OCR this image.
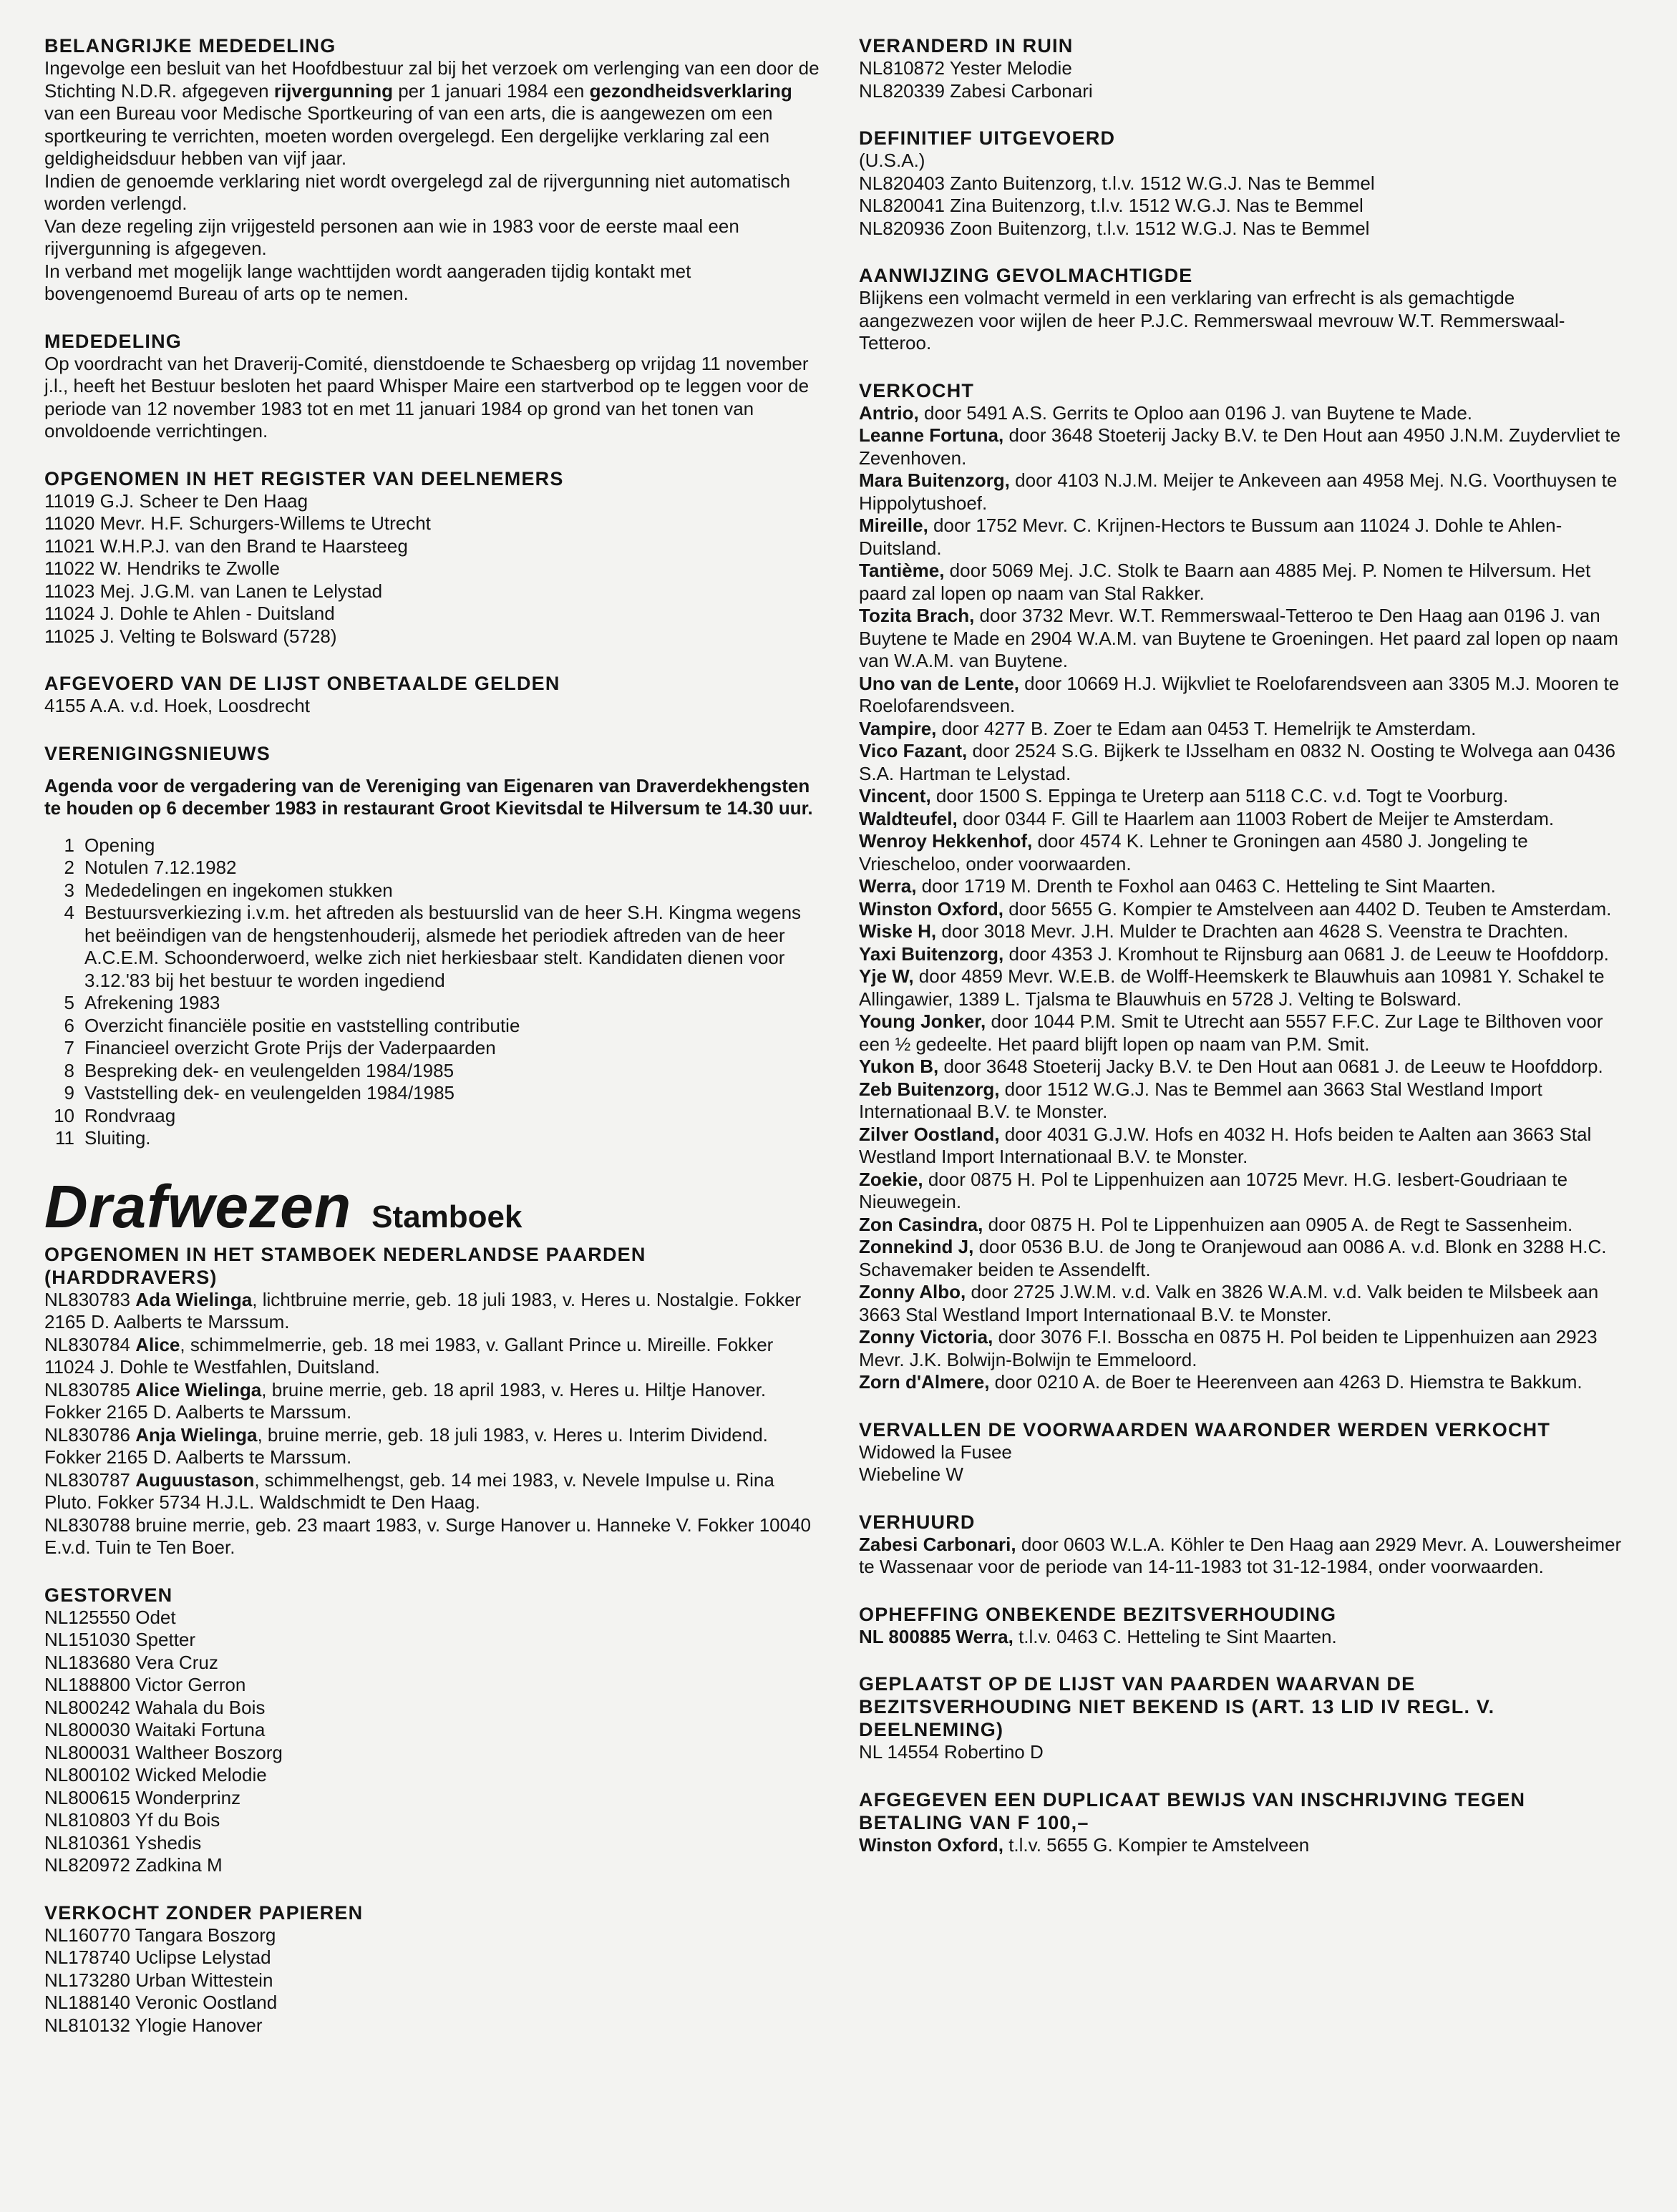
BELANGRIJKE MEDEDELING
Ingevolge een besluit van het Hoofdbestuur zal bij het verzoek om verlenging van een door de Stichting N.D.R. afgegeven rijvergunning per 1 januari 1984 een gezondheidsverklaring van een Bureau voor Medische Sportkeuring of van een arts, die is aangewezen om een sportkeuring te verrichten, moeten worden overgelegd. Een dergelijke verklaring zal een geldigheidsduur hebben van vijf jaar.
Indien de genoemde verklaring niet wordt overgelegd zal de rijvergunning niet automatisch worden verlengd.
Van deze regeling zijn vrijgesteld personen aan wie in 1983 voor de eerste maal een rijvergunning is afgegeven.
In verband met mogelijk lange wachttijden wordt aangeraden tijdig kontakt met bovengenoemd Bureau of arts op te nemen.
MEDEDELING
Op voordracht van het Draverij-Comité, dienstdoende te Schaesberg op vrijdag 11 november j.l., heeft het Bestuur besloten het paard Whisper Maire een startverbod op te leggen voor de periode van 12 november 1983 tot en met 11 januari 1984 op grond van het tonen van onvoldoende verrichtingen.
OPGENOMEN IN HET REGISTER VAN DEELNEMERS
11019 G.J. Scheer te Den Haag
11020 Mevr. H.F. Schurgers-Willems te Utrecht
11021 W.H.P.J. van den Brand te Haarsteeg
11022 W. Hendriks te Zwolle
11023 Mej. J.G.M. van Lanen te Lelystad
11024 J. Dohle te Ahlen - Duitsland
11025 J. Velting te Bolsward (5728)
AFGEVOERD VAN DE LIJST ONBETAALDE GELDEN
4155 A.A. v.d. Hoek, Loosdrecht
VERENIGINGSNIEUWS
Agenda voor de vergadering van de Vereniging van Eigenaren van Draverdekhengsten te houden op 6 december 1983 in restaurant Groot Kievitsdal te Hilversum te 14.30 uur.
1 Opening
2 Notulen 7.12.1982
3 Mededelingen en ingekomen stukken
4 Bestuursverkiezing i.v.m. het aftreden als bestuurslid van de heer S.H. Kingma wegens het beëindigen van de hengstenhouderij, alsmede het periodiek aftreden van de heer A.C.E.M. Schoonderwoerd, welke zich niet herkiesbaar stelt. Kandidaten dienen voor 3.12.'83 bij het bestuur te worden ingediend
5 Afrekening 1983
6 Overzicht financiële positie en vaststelling contributie
7 Financieel overzicht Grote Prijs der Vaderpaarden
8 Bespreking dek- en veulengelden 1984/1985
9 Vaststelling dek- en veulengelden 1984/1985
10 Rondvraag
11 Sluiting.
Drafwezen Stamboek
OPGENOMEN IN HET STAMBOEK NEDERLANDSE PAARDEN (HARDDRAVERS)
NL830783 Ada Wielinga, lichtbruine merrie, geb. 18 juli 1983, v. Heres u. Nostalgie. Fokker 2165 D. Aalberts te Marssum.
NL830784 Alice, schimmelmerrie, geb. 18 mei 1983, v. Gallant Prince u. Mireille. Fokker 11024 J. Dohle te Westfahlen, Duitsland.
NL830785 Alice Wielinga, bruine merrie, geb. 18 april 1983, v. Heres u. Hiltje Hanover. Fokker 2165 D. Aalberts te Marssum.
NL830786 Anja Wielinga, bruine merrie, geb. 18 juli 1983, v. Heres u. Interim Dividend. Fokker 2165 D. Aalberts te Marssum.
NL830787 Auguustason, schimmelhengst, geb. 14 mei 1983, v. Nevele Impulse u. Rina Pluto. Fokker 5734 H.J.L. Waldschmidt te Den Haag.
NL830788 bruine merrie, geb. 23 maart 1983, v. Surge Hanover u. Hanneke V. Fokker 10040 E.v.d. Tuin te Ten Boer.
GESTORVEN
NL125550 Odet
NL151030 Spetter
NL183680 Vera Cruz
NL188800 Victor Gerron
NL800242 Wahala du Bois
NL800030 Waitaki Fortuna
NL800031 Waltheer Boszorg
NL800102 Wicked Melodie
NL800615 Wonderprinz
NL810803 Yf du Bois
NL810361 Yshedis
NL820972 Zadkina M
VERKOCHT ZONDER PAPIEREN
NL160770 Tangara Boszorg
NL178740 Uclipse Lelystad
NL173280 Urban Wittestein
NL188140 Veronic Oostland
NL810132 Ylogie Hanover
VERANDERD IN RUIN
NL810872 Yester Melodie
NL820339 Zabesi Carbonari
DEFINITIEF UITGEVOERD
(U.S.A.)
NL820403 Zanto Buitenzorg, t.l.v. 1512 W.G.J. Nas te Bemmel
NL820041 Zina Buitenzorg, t.l.v. 1512 W.G.J. Nas te Bemmel
NL820936 Zoon Buitenzorg, t.l.v. 1512 W.G.J. Nas te Bemmel
AANWIJZING GEVOLMACHTIGDE
Blijkens een volmacht vermeld in een verklaring van erfrecht is als gemachtigde aangezwezen voor wijlen de heer P.J.C. Remmerswaal mevrouw W.T. Remmerswaal-Tetteroo.
VERKOCHT
Antrio, door 5491 A.S. Gerrits te Oploo aan 0196 J. van Buytene te Made.
Leanne Fortuna, door 3648 Stoeterij Jacky B.V. te Den Hout aan 4950 J.N.M. Zuydervliet te Zevenhoven.
Mara Buitenzorg, door 4103 N.J.M. Meijer te Ankeveen aan 4958 Mej. N.G. Voorthuysen te Hippolytushoef.
Mireille, door 1752 Mevr. C. Krijnen-Hectors te Bussum aan 11024 J. Dohle te Ahlen-Duitsland.
Tantième, door 5069 Mej. J.C. Stolk te Baarn aan 4885 Mej. P. Nomen te Hilversum. Het paard zal lopen op naam van Stal Rakker.
Tozita Brach, door 3732 Mevr. W.T. Remmerswaal-Tetteroo te Den Haag aan 0196 J. van Buytene te Made en 2904 W.A.M. van Buytene te Groeningen. Het paard zal lopen op naam van W.A.M. van Buytene.
Uno van de Lente, door 10669 H.J. Wijkvliet te Roelofarendsveen aan 3305 M.J. Mooren te Roelofarendsveen.
Vampire, door 4277 B. Zoer te Edam aan 0453 T. Hemelrijk te Amsterdam.
Vico Fazant, door 2524 S.G. Bijkerk te IJsselham en 0832 N. Oosting te Wolvega aan 0436 S.A. Hartman te Lelystad.
Vincent, door 1500 S. Eppinga te Ureterp aan 5118 C.C. v.d. Togt te Voorburg.
Waldteufel, door 0344 F. Gill te Haarlem aan 11003 Robert de Meijer te Amsterdam.
Wenroy Hekkenhof, door 4574 K. Lehner te Groningen aan 4580 J. Jongeling te Vriescheloo, onder voorwaarden.
Werra, door 1719 M. Drenth te Foxhol aan 0463 C. Hetteling te Sint Maarten.
Winston Oxford, door 5655 G. Kompier te Amstelveen aan 4402 D. Teuben te Amsterdam.
Wiske H, door 3018 Mevr. J.H. Mulder te Drachten aan 4628 S. Veenstra te Drachten.
Yaxi Buitenzorg, door 4353 J. Kromhout te Rijnsburg aan 0681 J. de Leeuw te Hoofddorp.
Yje W, door 4859 Mevr. W.E.B. de Wolff-Heemskerk te Blauwhuis aan 10981 Y. Schakel te Allingawier, 1389 L. Tjalsma te Blauwhuis en 5728 J. Velting te Bolsward.
Young Jonker, door 1044 P.M. Smit te Utrecht aan 5557 F.F.C. Zur Lage te Bilthoven voor een ½ gedeelte. Het paard blijft lopen op naam van P.M. Smit.
Yukon B, door 3648 Stoeterij Jacky B.V. te Den Hout aan 0681 J. de Leeuw te Hoofddorp.
Zeb Buitenzorg, door 1512 W.G.J. Nas te Bemmel aan 3663 Stal Westland Import Internationaal B.V. te Monster.
Zilver Oostland, door 4031 G.J.W. Hofs en 4032 H. Hofs beiden te Aalten aan 3663 Stal Westland Import Internationaal B.V. te Monster.
Zoekie, door 0875 H. Pol te Lippenhuizen aan 10725 Mevr. H.G. Iesbert-Goudriaan te Nieuwegein.
Zon Casindra, door 0875 H. Pol te Lippenhuizen aan 0905 A. de Regt te Sassenheim.
Zonnekind J, door 0536 B.U. de Jong te Oranjewoud aan 0086 A. v.d. Blonk en 3288 H.C. Schavemaker beiden te Assendelft.
Zonny Albo, door 2725 J.W.M. v.d. Valk en 3826 W.A.M. v.d. Valk beiden te Milsbeek aan 3663 Stal Westland Import Internationaal B.V. te Monster.
Zonny Victoria, door 3076 F.I. Bosscha en 0875 H. Pol beiden te Lippenhuizen aan 2923 Mevr. J.K. Bolwijn-Bolwijn te Emmeloord.
Zorn d'Almere, door 0210 A. de Boer te Heerenveen aan 4263 D. Hiemstra te Bakkum.
VERVALLEN DE VOORWAARDEN WAARONDER WERDEN VERKOCHT
Widowed la Fusee
Wiebeline W
VERHUURD
Zabesi Carbonari, door 0603 W.L.A. Köhler te Den Haag aan 2929 Mevr. A. Louwersheimer te Wassenaar voor de periode van 14-11-1983 tot 31-12-1984, onder voorwaarden.
OPHEFFING ONBEKENDE BEZITSVERHOUDING
NL 800885 Werra, t.l.v. 0463 C. Hetteling te Sint Maarten.
GEPLAATST OP DE LIJST VAN PAARDEN WAARVAN DE BEZITSVERHOUDING NIET BEKEND IS (ART. 13 LID IV REGL. V. DEELNEMING)
NL 14554 Robertino D
AFGEGEVEN EEN DUPLICAAT BEWIJS VAN INSCHRIJVING TEGEN BETALING VAN F 100,–
Winston Oxford, t.l.v. 5655 G. Kompier te Amstelveen
